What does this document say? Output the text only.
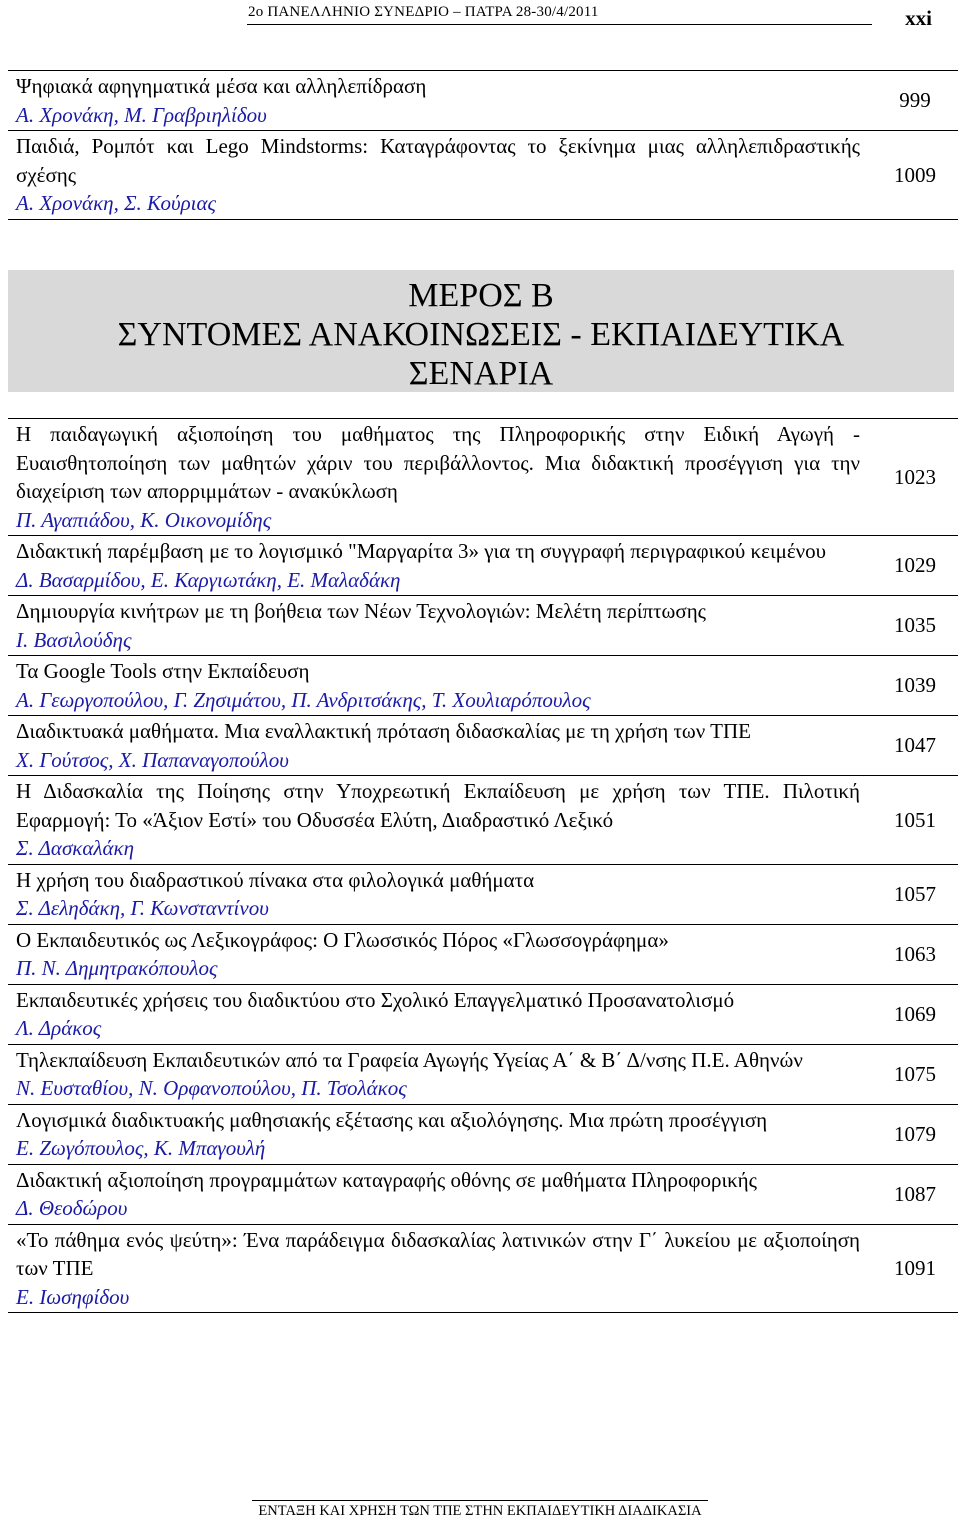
2ο ΠΑΝΕΛΛΗΝΙΟ ΣΥΝΕΔΡΙΟ – ΠΑΤΡΑ 28-30/4/2011	xxi
Ψηφιακά αφηγηματικά μέσα και αλληλεπίδραση
Α. Χρονάκη, Μ. Γραβριηλίδου
999
Παιδιά, Ρομπότ και Lego Mindstorms: Καταγράφοντας το ξεκίνημα μιας αλληλεπιδραστικής σχέσης
Α. Χρονάκη, Σ. Κούριας
1009
ΜΕΡΟΣ Β
ΣΥΝΤΟΜΕΣ ΑΝΑΚΟΙΝΩΣΕΙΣ - ΕΚΠΑΙΔΕΥΤΙΚΑ
ΣΕΝΑΡΙΑ
Η παιδαγωγική αξιοποίηση του μαθήματος της Πληροφορικής στην Ειδική Αγωγή - Ευαισθητοποίηση των μαθητών χάριν του περιβάλλοντος. Μια διδακτική προσέγγιση για την διαχείριση των απορριμμάτων - ανακύκλωση
Π. Αγαπιάδου, Κ. Οικονομίδης
1023
Διδακτική παρέμβαση με το λογισμικό "Μαργαρίτα 3» για τη συγγραφή περιγραφικού κειμένου
Δ. Βασαρμίδου, Ε. Καργιωτάκη, Ε. Μαλαδάκη
1029
Δημιουργία κινήτρων με τη βοήθεια των Νέων Τεχνολογιών: Μελέτη περίπτωσης
Ι. Βασιλούδης
1035
Τα Google Tools στην Εκπαίδευση
Α. Γεωργοπούλου, Γ. Ζησιμάτου, Π. Ανδριτσάκης, Τ. Χουλιαρόπουλος
1039
Διαδικτυακά μαθήματα. Μια εναλλακτική πρόταση διδασκαλίας με τη χρήση των ΤΠΕ
Χ. Γούτσος, Χ. Παπαναγοπούλου
1047
Η Διδασκαλία της Ποίησης στην Υποχρεωτική Εκπαίδευση με χρήση των ΤΠΕ. Πιλοτική Εφαρμογή: Το «Άξιον Εστί» του Οδυσσέα Ελύτη, Διαδραστικό Λεξικό
Σ. Δασκαλάκη
1051
Η χρήση του διαδραστικού πίνακα στα φιλολογικά μαθήματα
Σ. Δεληδάκη, Γ. Κωνσταντίνου
1057
Ο Εκπαιδευτικός ως Λεξικογράφος: Ο Γλωσσικός Πόρος «Γλωσσογράφημα»
Π. Ν. Δημητρακόπουλος
1063
Εκπαιδευτικές χρήσεις του διαδικτύου στο Σχολικό Επαγγελματικό Προσανατολισμό
Λ. Δράκος
1069
Τηλεκπαίδευση Εκπαιδευτικών από τα Γραφεία Αγωγής Υγείας Α΄ & Β΄ Δ/νσης Π.Ε. Αθηνών
Ν. Ευσταθίου, Ν. Ορφανοπούλου, Π. Τσολάκος
1075
Λογισμικά διαδικτυακής μαθησιακής εξέτασης και αξιολόγησης. Μια πρώτη προσέγγιση
Ε. Ζωγόπουλος, Κ. Μπαγουλή
1079
Διδακτική αξιοποίηση προγραμμάτων καταγραφής οθόνης σε μαθήματα Πληροφορικής
Δ. Θεοδώρου
1087
«Το πάθημα ενός ψεύτη»: Ένα παράδειγμα διδασκαλίας λατινικών στην Γ΄ λυκείου με αξιοποίηση των ΤΠΕ
Ε. Ιωσηφίδου
1091
ΕΝΤΑΞΗ ΚΑΙ ΧΡΗΣΗ ΤΩΝ ΤΠΕ ΣΤΗΝ ΕΚΠΑΙΔΕΥΤΙΚΗ ΔΙΑΔΙΚΑΣΙΑ
